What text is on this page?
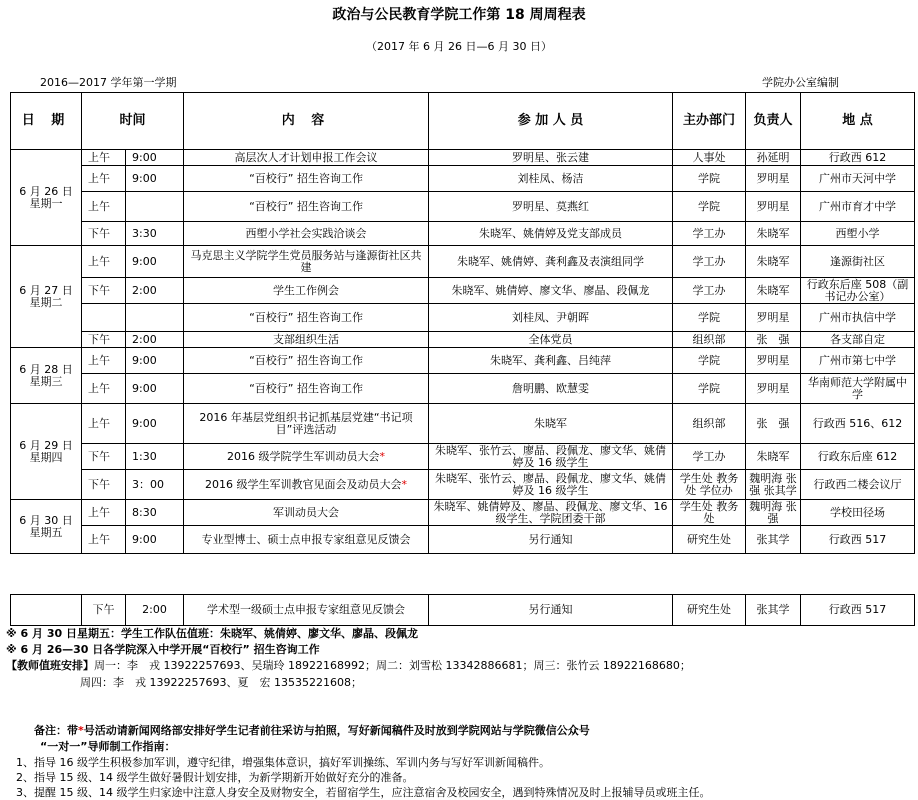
政治与公民教育学院工作第 18 周周程表
（2017 年 6 月 26 日—6 月 30 日）
2016—2017 学年第一学期	学院办公室编制
日 期	时间		内 容	参 加 人 员	主办部门	负责人	地 点

6 月 26 日
星期一	上午	9:00	高层次人才计划申报工作会议	罗明星、张云建	人事处	孙延明	行政西 612
	上午	9:00	“百校行” 招生咨询工作	刘桂凤、杨洁	学院	罗明星	广州市天河中学
	上午		“百校行” 招生咨询工作	罗明星、莫燕红	学院	罗明星	广州市育才中学
	下午	3:30	西塱小学社会实践洽谈会	朱晓军、姚倩婷及党支部成员	学工办	朱晓军	西塱小学

6 月 27 日
星期二	上午	9:00	马克思主义学院学生党员服务站与逢源街社区共建	朱晓军、姚倩婷、龚利鑫及表演组同学	学工办	朱晓军	逢源街社区
	下午	2:00	学生工作例会	朱晓军、姚倩婷、廖文华、廖晶、段佩龙	学工办	朱晓军	行政东后座 508（副书记办公室）
			“百校行” 招生咨询工作	刘桂凤、尹朝晖	学院	罗明星	广州市执信中学
	下午	2:00	支部组织生活	全体党员	组织部	张　强	各支部自定

6 月 28 日
星期三	上午	9:00	“百校行” 招生咨询工作	朱晓军、龚利鑫、吕纯萍	学院	罗明星	广州市第七中学
	上午	9:00	“百校行” 招生咨询工作	詹明鹏、欧慧雯	学院	罗明星	华南师范大学附属中学

6 月 29 日
星期四	上午	9:00	2016 年基层党组织书记抓基层党建“书记项目”评选活动	朱晓军	组织部	张　强	行政西 516、612
	下午	1:30	2016 级学院学生军训动员大会*	朱晓军、张竹云、廖晶、段佩龙、廖文华、姚倩婷及 16 级学生	学工办	朱晓军	行政东后座 612
	下午	3：00	2016 级学生军训教官见面会及动员大会*	朱晓军、张竹云、廖晶、段佩龙、廖文华、姚倩婷及 16 级学生	学生处 教务处 学位办	魏明海 张　强 张其学	行政西二楼会议厅

6 月 30 日
星期五	上午	8:30	军训动员大会	朱晓军、姚倩婷及、廖晶、段佩龙、廖文华、16 级学生、学院团委干部	学生处 教务处	魏明海 张　强	学校田径场
	上午	9:00	专业型博士、硕士点申报专家组意见反馈会	另行通知	研究生处	张其学	行政西 517
	下午	2:00	学术型一级硕士点申报专家组意见反馈会	另行通知	研究生处	张其学	行政西 517
※ 6 月 30 日星期五：学生工作队伍值班：朱晓军、姚倩婷、廖文华、廖晶、段佩龙
※ 6 月 26—30 日各学院深入中学开展“百校行” 招生咨询工作
【教师值班安排】周一：李　戎 13922257693、吴瑞玲 18922168992；周二：刘雪松 13342886681；周三：张竹云 18922168680；
周四：李　戎 13922257693、夏　宏 13535221608；
备注：带*号活动请新闻网络部安排好学生记者前往采访与拍照，写好新闻稿件及时放到学院网站与学院微信公众号
“一对一”导师制工作指南：
1、指导 16 级学生积极参加军训，遵守纪律，增强集体意识，搞好军训操练、军训内务与写好军训新闻稿件。
2、指导 15 级、14 级学生做好暑假计划安排，为新学期新开始做好充分的准备。
3、提醒 15 级、14 级学生归家途中注意人身安全及财物安全，若留宿学生，应注意宿舍及校园安全，遇到特殊情况及时上报辅导员或班主任。
